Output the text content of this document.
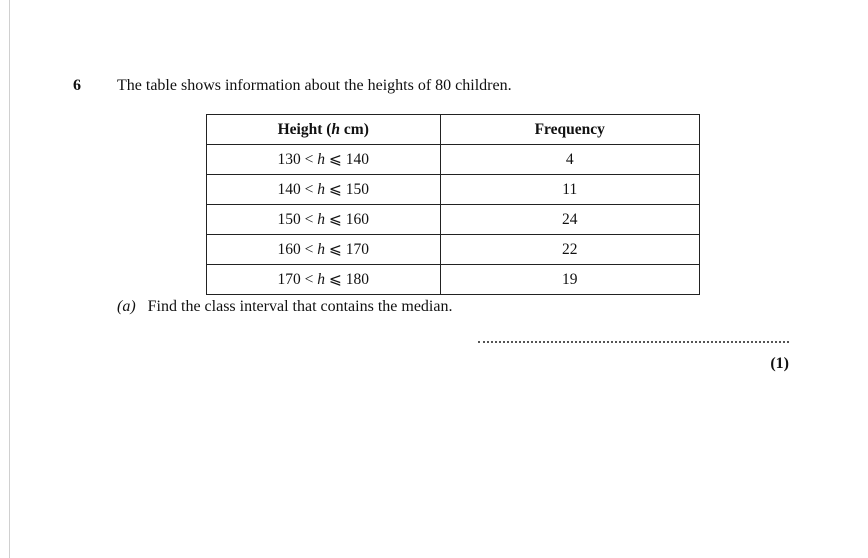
6 The table shows information about the heights of 80 children.
Height (h cm)	Frequency
130 < h ⩽ 140	4
140 < h ⩽ 150	11
150 < h ⩽ 160	24
160 < h ⩽ 170	22
170 < h ⩽ 180	19
(a) Find the class interval that contains the median.
(1)
